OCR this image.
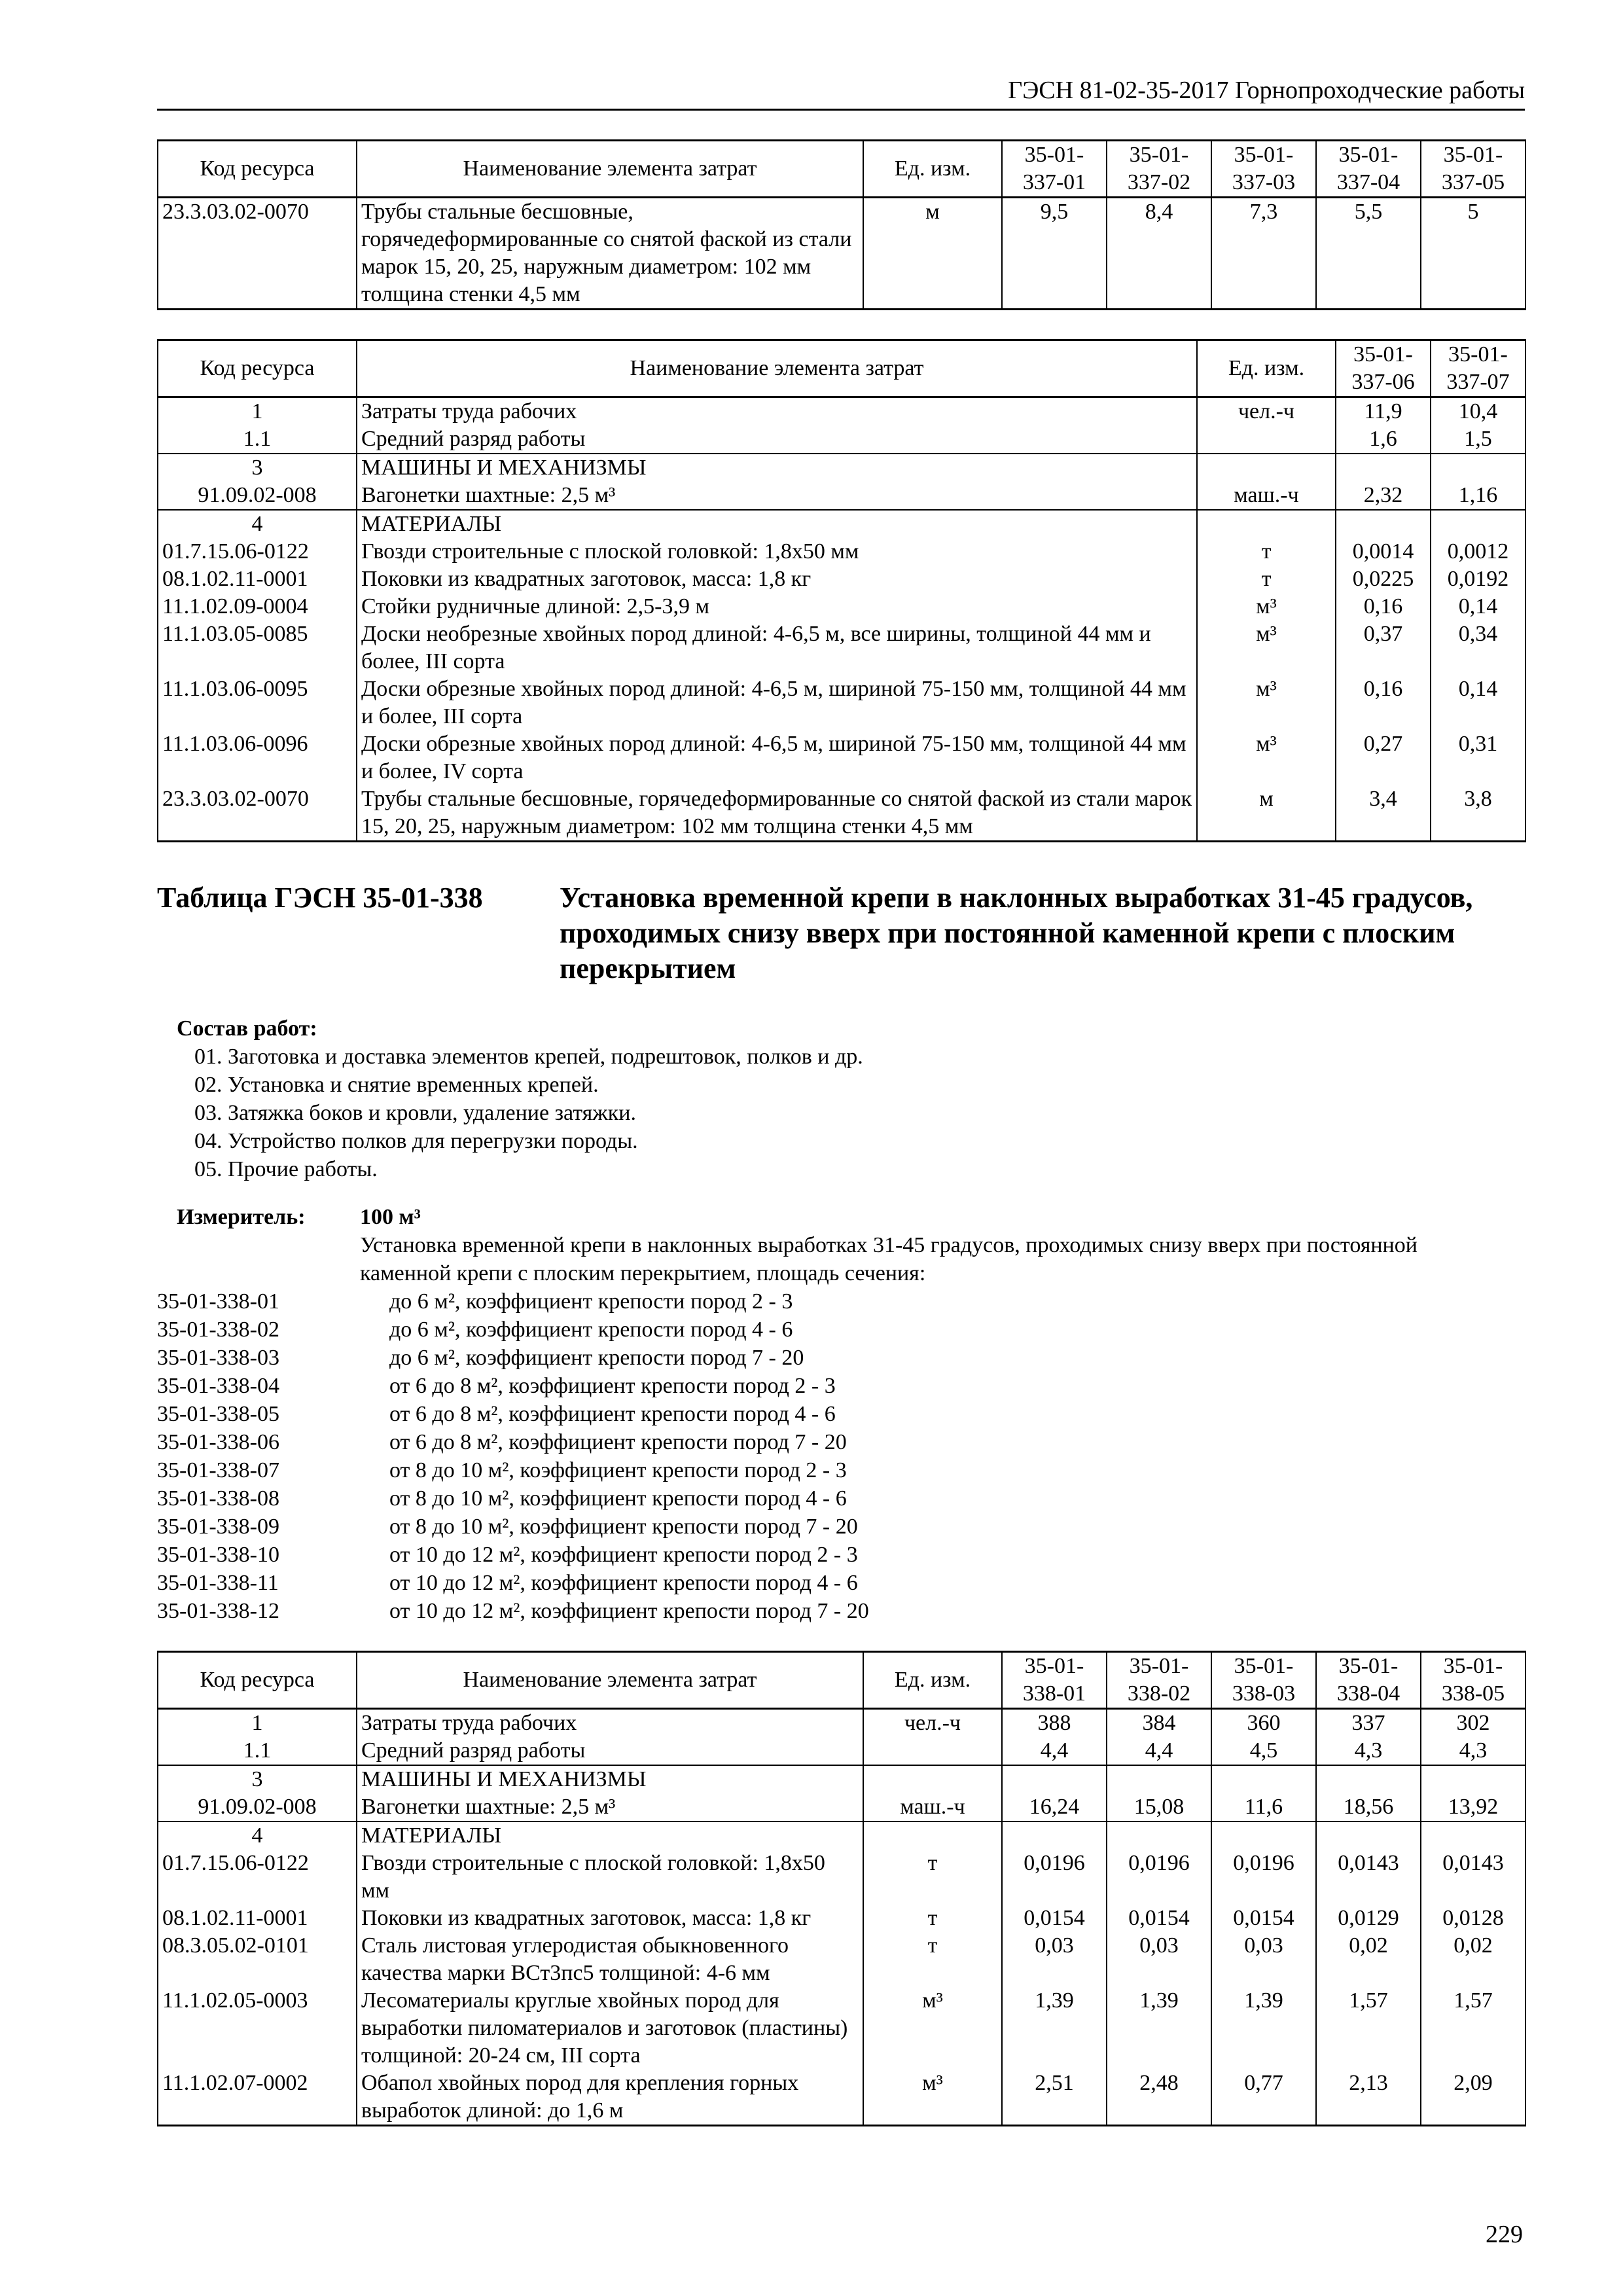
ГЭСН 81-02-35-2017 Горнопроходческие работы
Код ресурса	Наименование элемента затрат	Ед. изм.	35-01-337-01	35-01-337-02	35-01-337-03	35-01-337-04	35-01-337-05
23.3.03.02-0070	Трубы стальные бесшовные, горячедеформированные со снятой фаской из стали марок 15, 20, 25, наружным диаметром: 102 мм толщина стенки 4,5 мм	м	9,5	8,4	7,3	5,5	5
Код ресурса	Наименование элемента затрат	Ед. изм.	35-01-337-06	35-01-337-07
1	Затраты труда рабочих	чел.-ч	11,9	10,4
1.1	Средний разряд работы		1,6	1,5
3	МАШИНЫ И МЕХАНИЗМЫ			
91.09.02-008	Вагонетки шахтные: 2,5 м³	маш.-ч	2,32	1,16
4	МАТЕРИАЛЫ			
01.7.15.06-0122	Гвозди строительные с плоской головкой: 1,8x50 мм	т	0,0014	0,0012
08.1.02.11-0001	Поковки из квадратных заготовок, масса: 1,8 кг	т	0,0225	0,0192
11.1.02.09-0004	Стойки рудничные длиной: 2,5-3,9 м	м³	0,16	0,14
11.1.03.05-0085	Доски необрезные хвойных пород длиной: 4-6,5 м, все ширины, толщиной 44 мм и более, III сорта	м³	0,37	0,34
11.1.03.06-0095	Доски обрезные хвойных пород длиной: 4-6,5 м, шириной 75-150 мм, толщиной 44 мм и более, III сорта	м³	0,16	0,14
11.1.03.06-0096	Доски обрезные хвойных пород длиной: 4-6,5 м, шириной 75-150 мм, толщиной 44 мм и более, IV сорта	м³	0,27	0,31
23.3.03.02-0070	Трубы стальные бесшовные, горячедеформированные со снятой фаской из стали марок 15, 20, 25, наружным диаметром: 102 мм толщина стенки 4,5 мм	м	3,4	3,8
Таблица ГЭСН 35-01-338	Установка временной крепи в наклонных выработках 31-45 градусов, проходимых снизу вверх при постоянной каменной крепи с плоским перекрытием
Состав работ:
01. Заготовка и доставка элементов крепей, подрештовок, полков и др.
02. Установка и снятие временных крепей.
03. Затяжка боков и кровли, удаление затяжки.
04. Устройство полков для перегрузки породы.
05. Прочие работы.
Измеритель: 100 м³
Установка временной крепи в наклонных выработках 31-45 градусов, проходимых снизу вверх при постоянной каменной крепи с плоским перекрытием, площадь сечения:
35-01-338-01	до 6 м², коэффициент крепости пород 2 - 3
35-01-338-02	до 6 м², коэффициент крепости пород 4 - 6
35-01-338-03	до 6 м², коэффициент крепости пород 7 - 20
35-01-338-04	от 6 до 8 м², коэффициент крепости пород 2 - 3
35-01-338-05	от 6 до 8 м², коэффициент крепости пород 4 - 6
35-01-338-06	от 6 до 8 м², коэффициент крепости пород 7 - 20
35-01-338-07	от 8 до 10 м², коэффициент крепости пород 2 - 3
35-01-338-08	от 8 до 10 м², коэффициент крепости пород 4 - 6
35-01-338-09	от 8 до 10 м², коэффициент крепости пород 7 - 20
35-01-338-10	от 10 до 12 м², коэффициент крепости пород 2 - 3
35-01-338-11	от 10 до 12 м², коэффициент крепости пород 4 - 6
35-01-338-12	от 10 до 12 м², коэффициент крепости пород 7 - 20
Код ресурса	Наименование элемента затрат	Ед. изм.	35-01-338-01	35-01-338-02	35-01-338-03	35-01-338-04	35-01-338-05
1	Затраты труда рабочих	чел.-ч	388	384	360	337	302
1.1	Средний разряд работы		4,4	4,4	4,5	4,3	4,3
3	МАШИНЫ И МЕХАНИЗМЫ						
91.09.02-008	Вагонетки шахтные: 2,5 м³	маш.-ч	16,24	15,08	11,6	18,56	13,92
4	МАТЕРИАЛЫ						
01.7.15.06-0122	Гвозди строительные с плоской головкой: 1,8x50 мм	т	0,0196	0,0196	0,0196	0,0143	0,0143
08.1.02.11-0001	Поковки из квадратных заготовок, масса: 1,8 кг	т	0,0154	0,0154	0,0154	0,0129	0,0128
08.3.05.02-0101	Сталь листовая углеродистая обыкновенного качества марки ВСт3пс5 толщиной: 4-6 мм	т	0,03	0,03	0,03	0,02	0,02
11.1.02.05-0003	Лесоматериалы круглые хвойных пород для выработки пиломатериалов и заготовок (пластины) толщиной: 20-24 см, III сорта	м³	1,39	1,39	1,39	1,57	1,57
11.1.02.07-0002	Обапол хвойных пород для крепления горных выработок длиной: до 1,6 м	м³	2,51	2,48	0,77	2,13	2,09
229
